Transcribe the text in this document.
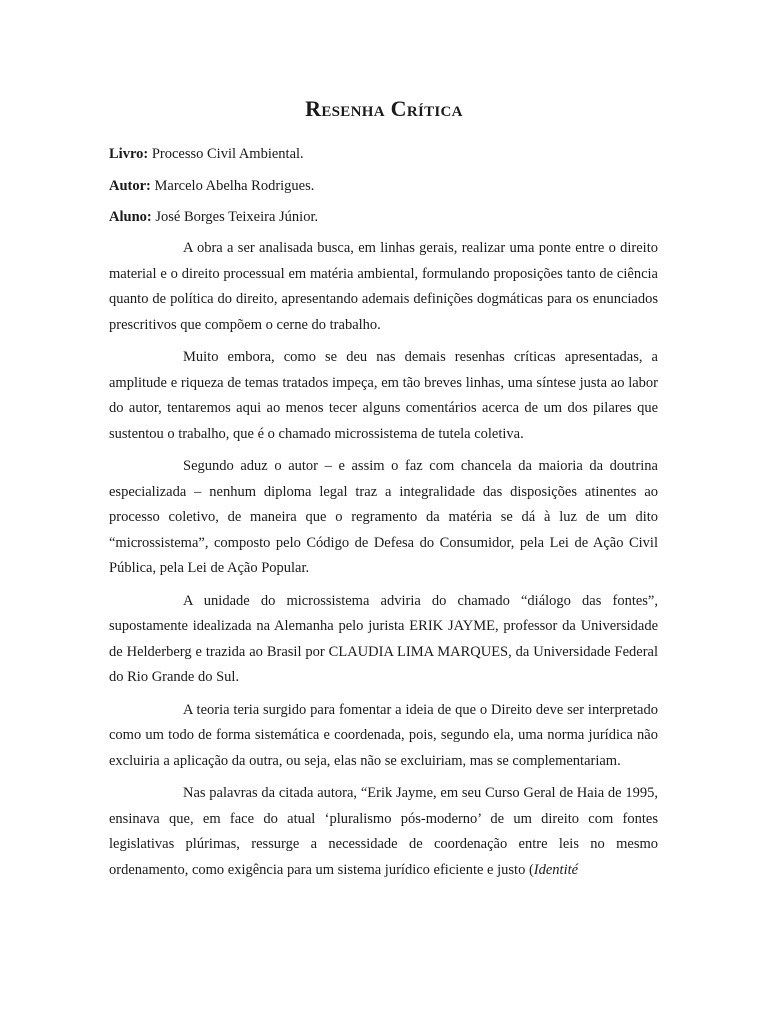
Resenha Crítica

Livro: Processo Civil Ambiental.

Autor: Marcelo Abelha Rodrigues.

Aluno: José Borges Teixeira Júnior.

A obra a ser analisada busca, em linhas gerais, realizar uma ponte entre o direito material e o direito processual em matéria ambiental, formulando proposições tanto de ciência quanto de política do direito, apresentando ademais definições dogmáticas para os enunciados prescritivos que compõem o cerne do trabalho.

Muito embora, como se deu nas demais resenhas críticas apresentadas, a amplitude e riqueza de temas tratados impeça, em tão breves linhas, uma síntese justa ao labor do autor, tentaremos aqui ao menos tecer alguns comentários acerca de um dos pilares que sustentou o trabalho, que é o chamado microssistema de tutela coletiva.

Segundo aduz o autor – e assim o faz com chancela da maioria da doutrina especializada – nenhum diploma legal traz a integralidade das disposições atinentes ao processo coletivo, de maneira que o regramento da matéria se dá à luz de um dito “microssistema”, composto pelo Código de Defesa do Consumidor, pela Lei de Ação Civil Pública, pela Lei de Ação Popular.

A unidade do microssistema adviria do chamado “diálogo das fontes”, supostamente idealizada na Alemanha pelo jurista ERIK JAYME, professor da Universidade de Helderberg e trazida ao Brasil por CLAUDIA LIMA MARQUES, da Universidade Federal do Rio Grande do Sul.

A teoria teria surgido para fomentar a ideia de que o Direito deve ser interpretado como um todo de forma sistemática e coordenada, pois, segundo ela, uma norma jurídica não excluiria a aplicação da outra, ou seja, elas não se excluiriam, mas se complementariam.

Nas palavras da citada autora, “Erik Jayme, em seu Curso Geral de Haia de 1995, ensinava que, em face do atual ‘pluralismo pós-moderno’ de um direito com fontes legislativas plúrimas, ressurge a necessidade de coordenação entre leis no mesmo ordenamento, como exigência para um sistema jurídico eficiente e justo (Identité
